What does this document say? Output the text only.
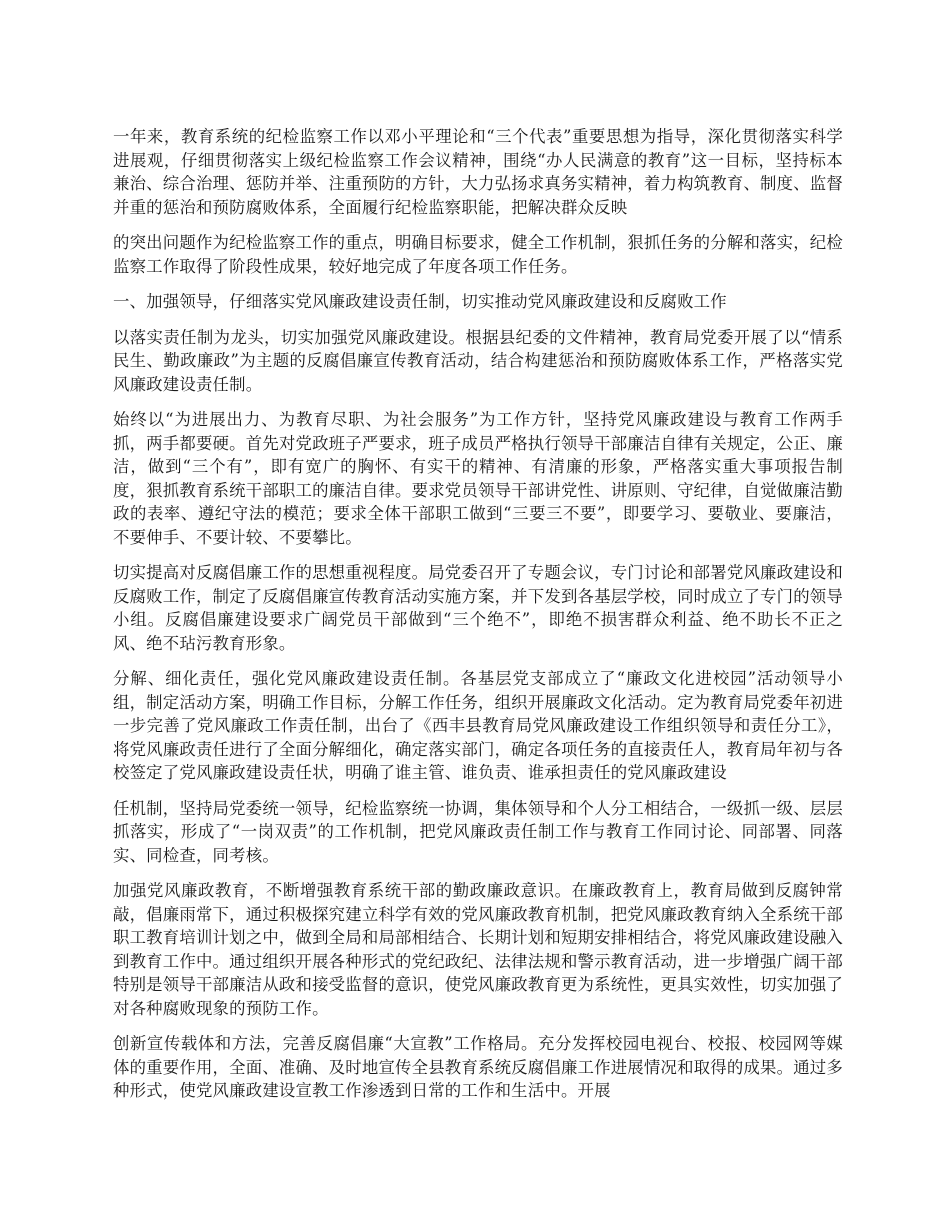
一年来，教育系统的纪检监察工作以邓小平理论和“三个代表”重要思想为指导，深化贯彻落实科学进展观，仔细贯彻落实上级纪检监察工作会议精神，围绕“办人民满意的教育”这一目标，坚持标本兼治、综合治理、惩防并举、注重预防的方针，大力弘扬求真务实精神，着力构筑教育、制度、监督并重的惩治和预防腐败体系，全面履行纪检监察职能，把解决群众反映

的突出问题作为纪检监察工作的重点，明确目标要求，健全工作机制，狠抓任务的分解和落实，纪检监察工作取得了阶段性成果，较好地完成了年度各项工作任务。

一、加强领导，仔细落实党风廉政建设责任制，切实推动党风廉政建设和反腐败工作

以落实责任制为龙头，切实加强党风廉政建设。根据县纪委的文件精神，教育局党委开展了以“情系民生、勤政廉政”为主题的反腐倡廉宣传教育活动，结合构建惩治和预防腐败体系工作，严格落实党风廉政建设责任制。

始终以“为进展出力、为教育尽职、为社会服务”为工作方针，坚持党风廉政建设与教育工作两手抓，两手都要硬。首先对党政班子严要求，班子成员严格执行领导干部廉洁自律有关规定，公正、廉洁，做到“三个有”，即有宽广的胸怀、有实干的精神、有清廉的形象，严格落实重大事项报告制度，狠抓教育系统干部职工的廉洁自律。要求党员领导干部讲党性、讲原则、守纪律，自觉做廉洁勤政的表率、遵纪守法的模范；要求全体干部职工做到“三要三不要”，即要学习、要敬业、要廉洁，不要伸手、不要计较、不要攀比。

切实提高对反腐倡廉工作的思想重视程度。局党委召开了专题会议，专门讨论和部署党风廉政建设和反腐败工作，制定了反腐倡廉宣传教育活动实施方案，并下发到各基层学校，同时成立了专门的领导小组。反腐倡廉建设要求广阔党员干部做到“三个绝不”，即绝不损害群众利益、绝不助长不正之风、绝不玷污教育形象。

分解、细化责任，强化党风廉政建设责任制。各基层党支部成立了“廉政文化进校园”活动领导小组，制定活动方案，明确工作目标，分解工作任务，组织开展廉政文化活动。定为教育局党委年初进一步完善了党风廉政工作责任制，出台了《西丰县教育局党风廉政建设工作组织领导和责任分工》，将党风廉政责任进行了全面分解细化，确定落实部门，确定各项任务的直接责任人，教育局年初与各校签定了党风廉政建设责任状，明确了谁主管、谁负责、谁承担责任的党风廉政建设

任机制，坚持局党委统一领导，纪检监察统一协调，集体领导和个人分工相结合，一级抓一级、层层抓落实，形成了“一岗双责”的工作机制，把党风廉政责任制工作与教育工作同讨论、同部署、同落实、同检查，同考核。

加强党风廉政教育，不断增强教育系统干部的勤政廉政意识。在廉政教育上，教育局做到反腐钟常敲，倡廉雨常下，通过积极探究建立科学有效的党风廉政教育机制，把党风廉政教育纳入全系统干部职工教育培训计划之中，做到全局和局部相结合、长期计划和短期安排相结合，将党风廉政建设融入到教育工作中。通过组织开展各种形式的党纪政纪、法律法规和警示教育活动，进一步增强广阔干部特别是领导干部廉洁从政和接受监督的意识，使党风廉政教育更为系统性，更具实效性，切实加强了对各种腐败现象的预防工作。

创新宣传载体和方法，完善反腐倡廉“大宣教”工作格局。充分发挥校园电视台、校报、校园网等媒体的重要作用，全面、准确、及时地宣传全县教育系统反腐倡廉工作进展情况和取得的成果。通过多种形式，使党风廉政建设宣教工作渗透到日常的工作和生活中。开展
